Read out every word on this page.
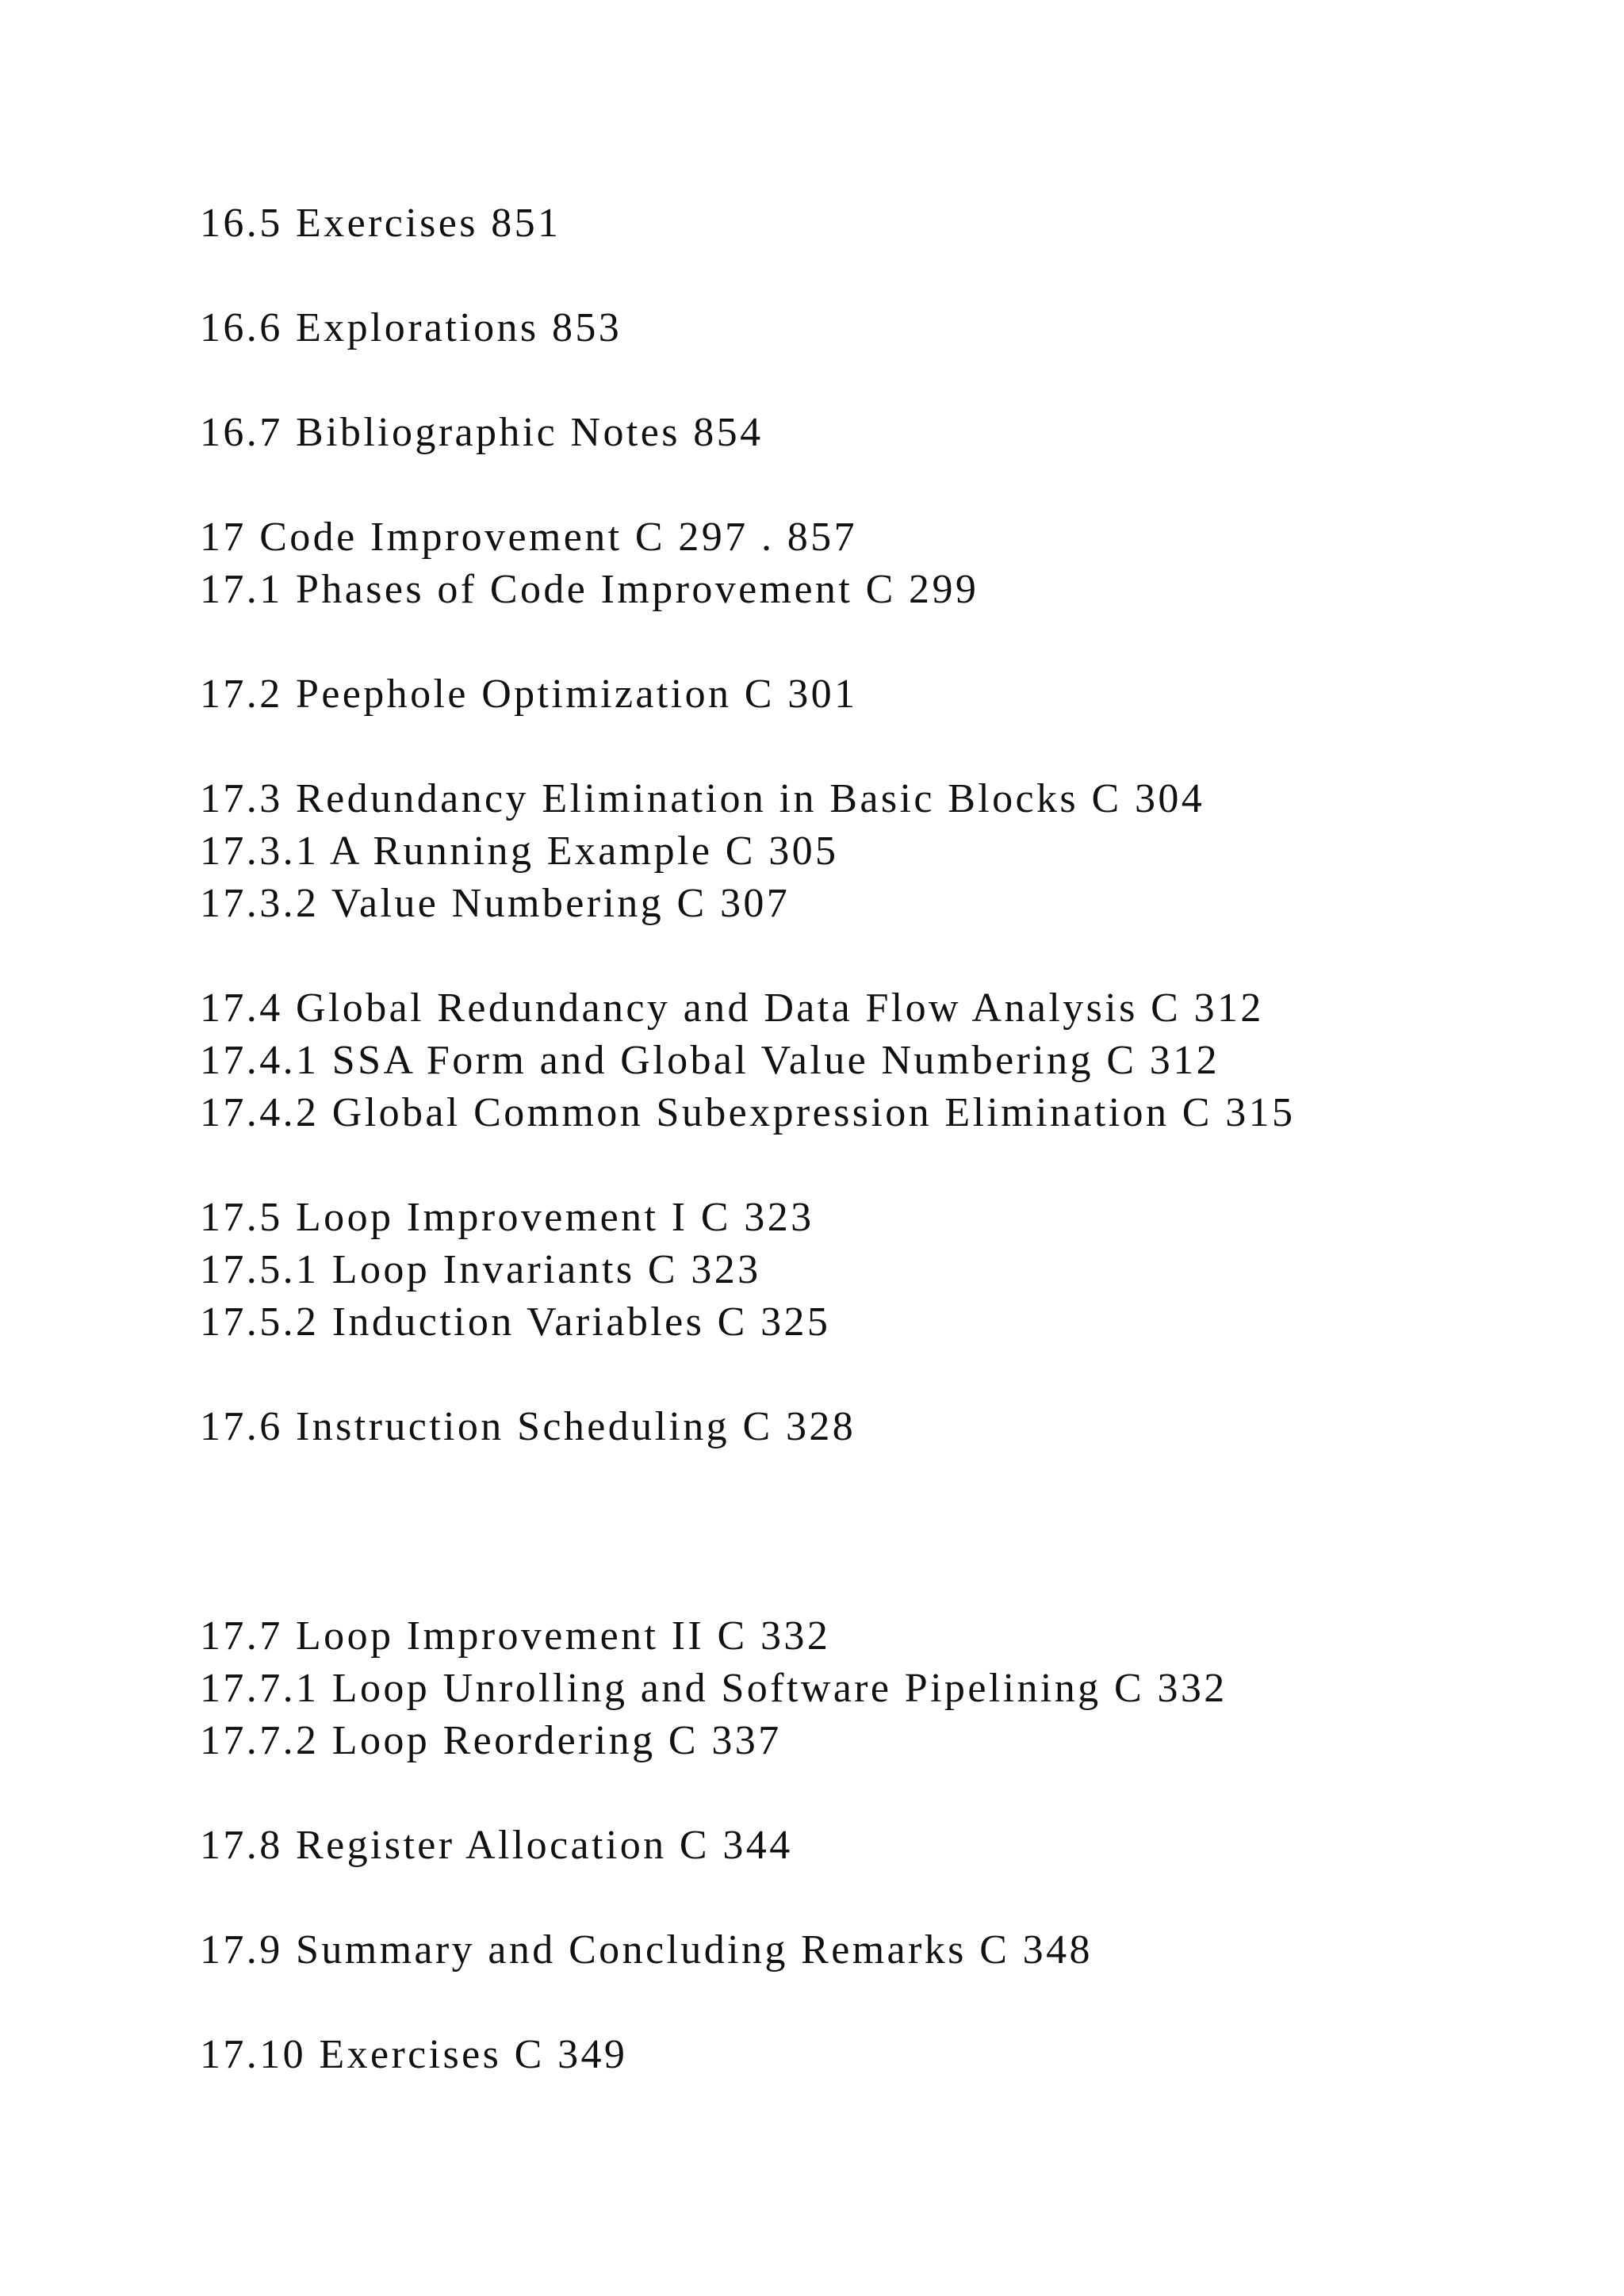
16.5 Exercises 851
16.6 Explorations 853
16.7 Bibliographic Notes 854
17 Code Improvement C 297 . 857
17.1 Phases of Code Improvement C 299
17.2 Peephole Optimization C 301
17.3 Redundancy Elimination in Basic Blocks C 304
17.3.1 A Running Example C 305
17.3.2 Value Numbering C 307
17.4 Global Redundancy and Data Flow Analysis C 312
17.4.1 SSA Form and Global Value Numbering C 312
17.4.2 Global Common Subexpression Elimination C 315
17.5 Loop Improvement I C 323
17.5.1 Loop Invariants C 323
17.5.2 Induction Variables C 325
17.6 Instruction Scheduling C 328
17.7 Loop Improvement II C 332
17.7.1 Loop Unrolling and Software Pipelining C 332
17.7.2 Loop Reordering C 337
17.8 Register Allocation C 344
17.9 Summary and Concluding Remarks C 348
17.10 Exercises C 349
